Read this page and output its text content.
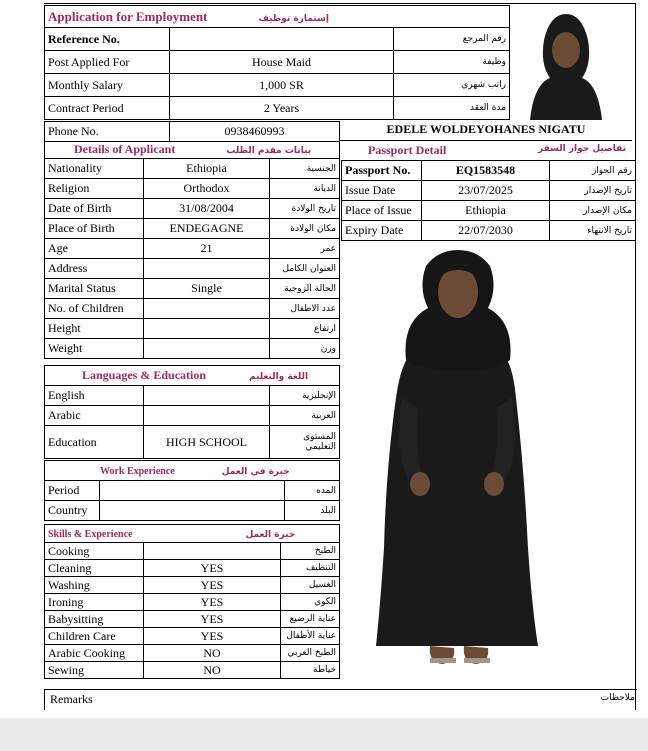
Application for Employment إستمارة توظيف		
Reference No.		رقم المرجع
Post Applied For	House Maid	وظيفة
Monthly Salary	1,000 SR	راتب شهري
Contract Period	2 Years	مدة العقد
Phone No.	0938460993	EDELE WOLDEYOHANES NIGATU
Details of Applicant بيانات مقدم الطلب		
Nationality	Ethiopia	الجنسية
Religion	Orthodox	الديانة
Date of Birth	31/08/2004	تاريخ الولادة
Place of Birth	ENDEGAGNE	مكان الولادة
Age	21	عمر
Address		العنوان الكامل
Marital Status	Single	الحالة الزوجية
No. of Children		عدد الاطفال
Height		ارتفاع
Weight		وزن
Languages & Education اللغة والتعليم		
English		الإنجليزية
Arabic		العربية
Education	HIGH SCHOOL	المستوى التعليمي
Work Experience خبرة في العمل		
Period		المده
Country		البلد
Skills & Experience خبرة العمل		
Cooking		الطبخ
Cleaning	YES	التنظيف
Washing	YES	الغسيل
Ironing	YES	الكوي
Babysitting	YES	عناية الرضيع
Children Care	YES	عناية الأطفال
Arabic Cooking	NO	الطبخ العربي
Sewing	NO	خياطة
Remarks	ملاحظات
Passport Detail	تفاصيل جواز السفر
Passport No.	EQ1583548	رقم الجواز
Issue Date	23/07/2025	تاريخ الإصدار
Place of Issue	Ethiopia	مكان الإصدار
Expiry Date	22/07/2030	تاريخ الانتهاء
